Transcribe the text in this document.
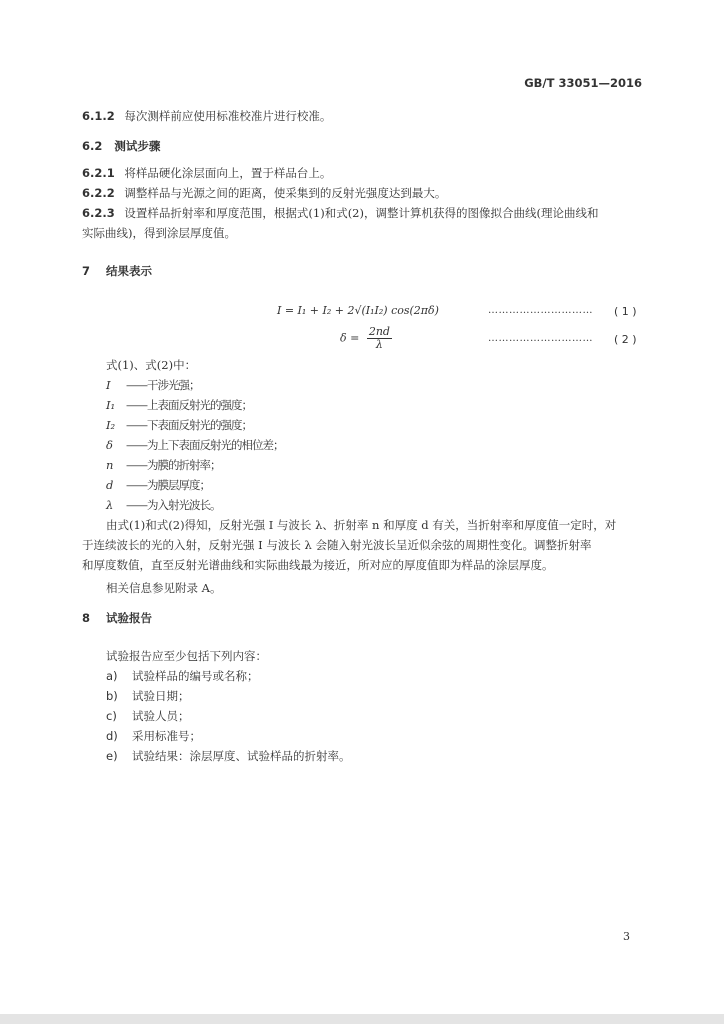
GB/T 33051—2016
6.1.2 每次测样前应使用标准校准片进行校准。
6.2 测试步骤
6.2.1 将样品硬化涂层面向上，置于样品台上。
6.2.2 调整样品与光源之间的距离，使采集到的反射光强度达到最大。
6.2.3 设置样品折射率和厚度范围，根据式(1)和式(2)，调整计算机获得的图像拟合曲线(理论曲线和
实际曲线)，得到涂层厚度值。
7 结果表示
I = I₁ + I₂ + 2√(I₁I₂) cos(2πδ)	………………………… ( 1 )
$\delta = \frac{2nd}{\lambda}$	………………………… ( 2 )
式(1)、式(2)中：
I ——干涉光强；
I₁ ——上表面反射光的强度；
I₂ ——下表面反射光的强度；
δ ——为上下表面反射光的相位差；
n ——为膜的折射率；
d ——为膜层厚度；
λ ——为入射光波长。
由式(1)和式(2)得知，反射光强 I 与波长 λ、折射率 n 和厚度 d 有关，当折射率和厚度值一定时，对
于连续波长的光的入射，反射光强 I 与波长 λ 会随入射光波长呈近似余弦的周期性变化。调整折射率
和厚度数值，直至反射光谱曲线和实际曲线最为接近，所对应的厚度值即为样品的涂层厚度。
相关信息参见附录 A。
8 试验报告
试验报告应至少包括下列内容：
a) 试验样品的编号或名称；
b) 试验日期；
c) 试验人员；
d) 采用标准号；
e) 试验结果：涂层厚度、试验样品的折射率。
3
